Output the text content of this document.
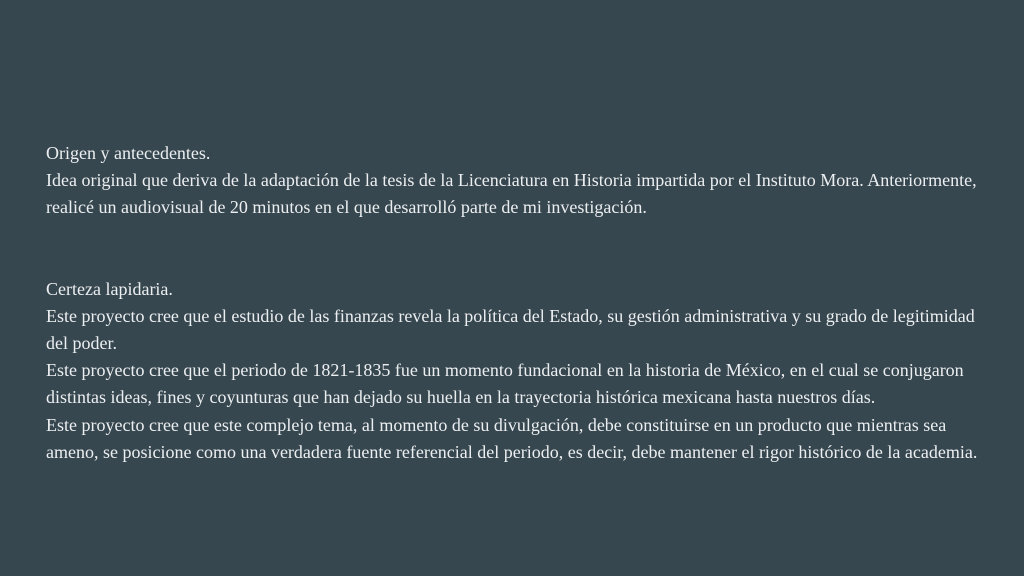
Origen y antecedentes.

Idea original que deriva de la adaptación de la tesis de la Licenciatura en Historia impartida por el Instituto Mora. Anteriormente, realicé un audiovisual de 20 minutos en el que desarrolló parte de mi investigación.

Certeza lapidaria.

Este proyecto cree que el estudio de las finanzas revela la política del Estado, su gestión administrativa y su grado de legitimidad del poder.

Este proyecto cree que el periodo de 1821-1835 fue un momento fundacional en la historia de México, en el cual se conjugaron distintas ideas, fines y coyunturas que han dejado su huella en la trayectoria histórica mexicana hasta nuestros días.

Este proyecto cree que este complejo tema, al momento de su divulgación, debe constituirse en un producto que mientras sea ameno, se posicione como una verdadera fuente referencial del periodo, es decir, debe mantener el rigor histórico de la academia.
